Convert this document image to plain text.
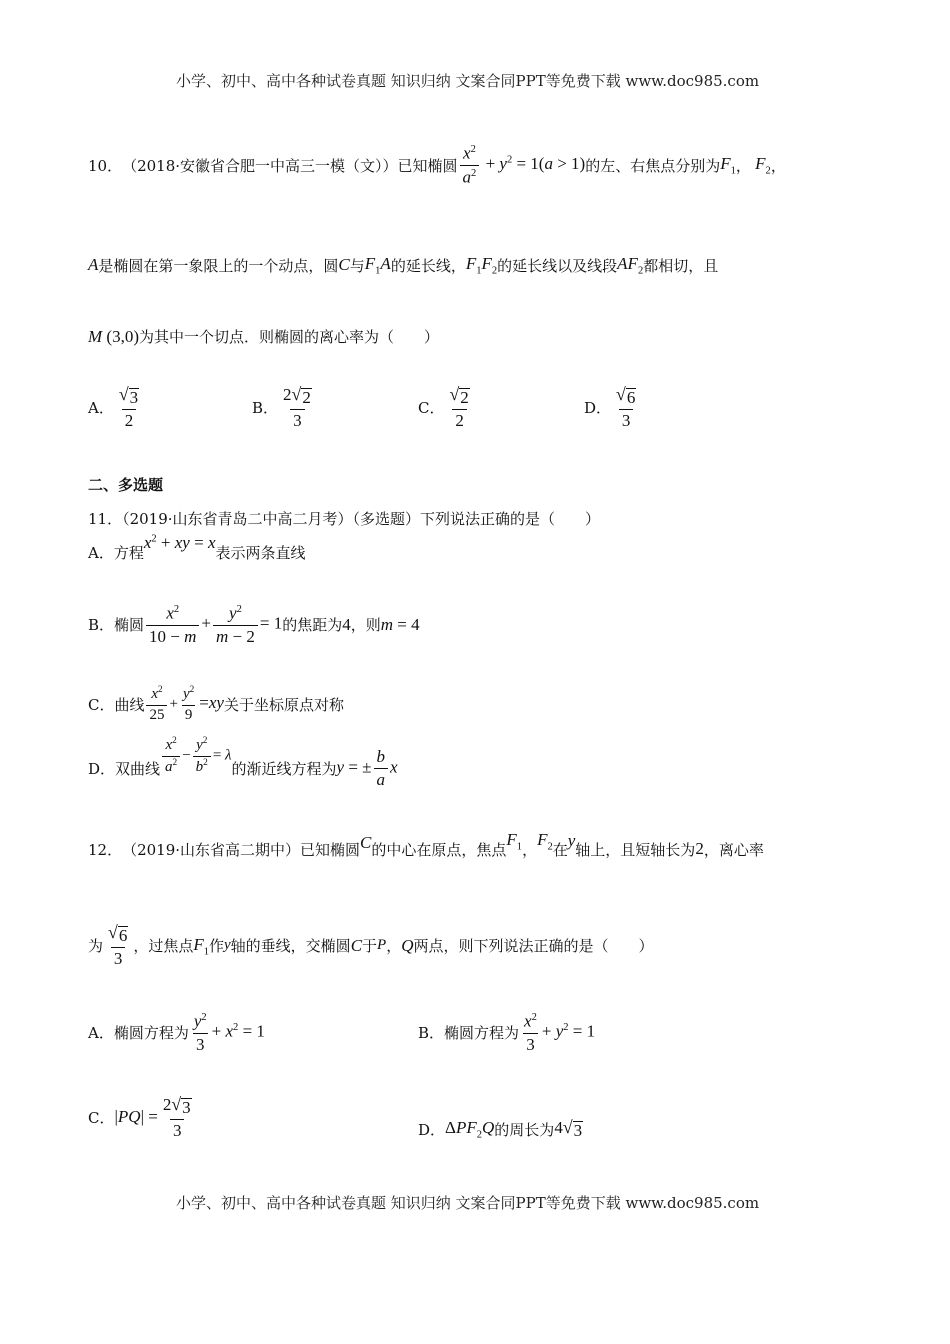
小学、初中、高中各种试卷真题 知识归纳 文案合同PPT等免费下载 www.doc985.com
10． （2018·安徽省合肥一中高三一模（文））已知椭圆 $\frac{x^2}{a^2} + y^2 = 1(a > 1)$ 的左、右焦点分别为 $F_1$ ， $F_2$ ，
A 是椭圆在第一象限上的一个动点，圆 C 与 $F_1A$ 的延长线， $F_1F_2$ 的延长线以及线段 $AF_2$ 都相切，且
M (3,0) 为其中一个切点．则椭圆的离心率为（　　）
A． $\frac{√ 3}{2}$	B． $\frac{2 √ 2}{3}$	C． $\frac{√ 2}{2}$	D． $\frac{√ 6}{3}$
二、多选题
11．（2019·山东省青岛二中高二月考）（多选题）下列说法正确的是（　　）
A．方程
$x^2$ + xy = x
表示两条直线
B．椭圆 $\frac{x^2}{10 - m} + \frac{y^2}{m - 2} = 1$ 的焦距为 4 ，则 m = 4
C．曲线 $\frac{x^2}{25} + \frac{y^2}{9} =xy$ 关于坐标原点对称
D．双曲线 $\frac{x^2}{a^2} - \frac{y^2}{b^2} = \lambda$
的渐近线方程为 y = ± $\frac{b}{a}$ x
12． （2019·山东省高二期中）已知椭圆 C 的中心在原点，焦点
$F_1$ ，
$F_2$ 在 y 轴上，且短轴长为 2 ，离心率
为 $\frac{√ 6}{3}$ ，过焦点 $F_1$ 作 y 轴的垂线，交椭圆 C 于 P ， Q 两点，则下列说法正确的是（　　）
A．椭圆方程为 $\frac{y^2}{3} + x^2 = 1$	B．椭圆方程为 $\frac{x^2}{3} + y^2 = 1$
C． $|PQ| = \frac{2 √ 3}{3}$	D． $\Delta PF_2Q$ 的周长为 4 √ 3
小学、初中、高中各种试卷真题 知识归纳 文案合同PPT等免费下载 www.doc985.com
